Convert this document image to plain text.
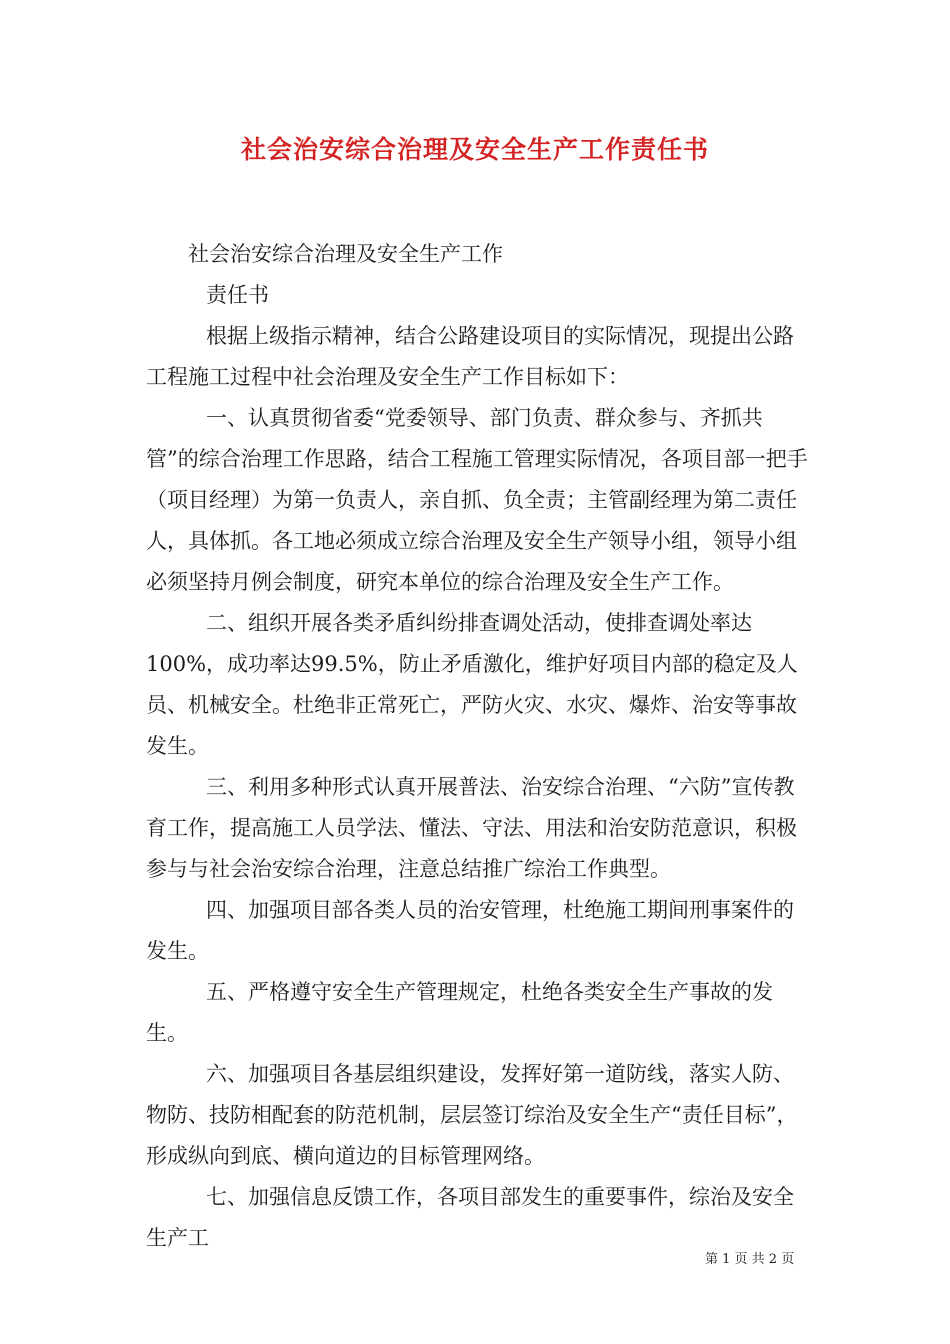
社会治安综合治理及安全生产工作责任书

社会治安综合治理及安全生产工作

责任书

根据上级指示精神，结合公路建设项目的实际情况，现提出公路工程施工过程中社会治理及安全生产工作目标如下：

一、认真贯彻省委“党委领导、部门负责、群众参与、齐抓共管”的综合治理工作思路，结合工程施工管理实际情况，各项目部一把手（项目经理）为第一负责人，亲自抓、负全责；主管副经理为第二责任人，具体抓。各工地必须成立综合治理及安全生产领导小组，领导小组必须坚持月例会制度，研究本单位的综合治理及安全生产工作。

二、组织开展各类矛盾纠纷排查调处活动，使排查调处率达100%，成功率达99.5%，防止矛盾激化，维护好项目内部的稳定及人员、机械安全。杜绝非正常死亡，严防火灾、水灾、爆炸、治安等事故发生。

三、利用多种形式认真开展普法、治安综合治理、“六防”宣传教育工作，提高施工人员学法、懂法、守法、用法和治安防范意识，积极参与与社会治安综合治理，注意总结推广综治工作典型。

四、加强项目部各类人员的治安管理，杜绝施工期间刑事案件的发生。

五、严格遵守安全生产管理规定，杜绝各类安全生产事故的发生。

六、加强项目各基层组织建设，发挥好第一道防线，落实人防、物防、技防相配套的防范机制，层层签订综治及安全生产“责任目标”，形成纵向到底、横向道边的目标管理网络。

七、加强信息反馈工作，各项目部发生的重要事件，综治及安全生产工

第 1 页 共 2 页
